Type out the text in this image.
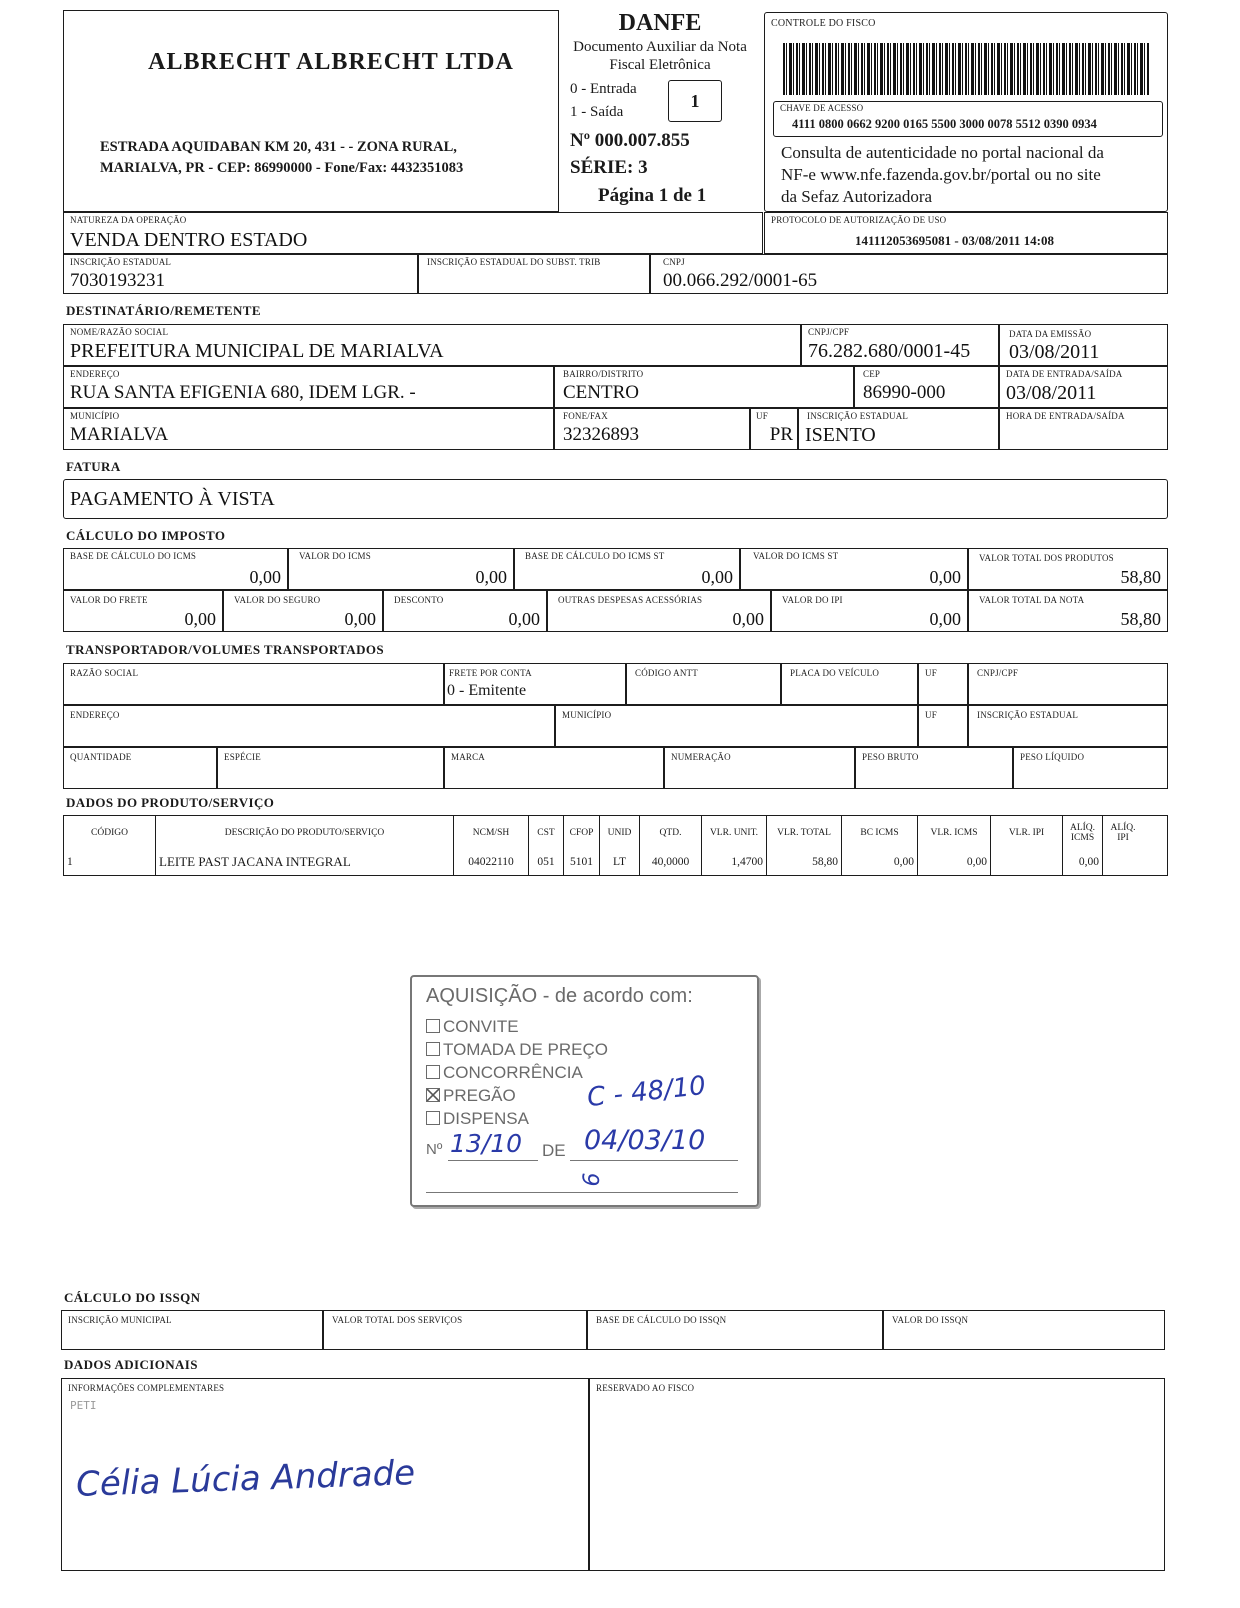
ALBRECHT ALBRECHT LTDA
ESTRADA AQUIDABAN KM 20, 431 - - ZONA RURAL,
MARIALVA, PR - CEP: 86990000 - Fone/Fax: 4432351083
DANFE
Documento Auxiliar da Nota
Fiscal Eletrônica
0 - Entrada
1 - Saída
1
Nº 000.007.855
SÉRIE: 3
Página 1 de 1
CONTROLE DO FISCO
CHAVE DE ACESSO
4111 0800 0662 9200 0165 5500 3000 0078 5512 0390 0934
Consulta de autenticidade no portal nacional da
NF-e www.nfe.fazenda.gov.br/portal ou no site
da Sefaz Autorizadora
NATUREZA DA OPERAÇÃO
VENDA DENTRO ESTADO
PROTOCOLO DE AUTORIZAÇÃO DE USO
141112053695081 - 03/08/2011 14:08
INSCRIÇÃO ESTADUAL
7030193231
INSCRIÇÃO ESTADUAL DO SUBST. TRIB	CNPJ
00.066.292/0001-65
DESTINATÁRIO/REMETENTE
NOME/RAZÃO SOCIAL
PREFEITURA MUNICIPAL DE MARIALVA
CNPJ/CPF
76.282.680/0001-45
DATA DA EMISSÃO
03/08/2011
ENDEREÇO
RUA SANTA EFIGENIA 680, IDEM LGR. -
BAIRRO/DISTRITO
CENTRO
CEP
86990-000
DATA DE ENTRADA/SAÍDA
03/08/2011
MUNICÍPIO
MARIALVA
FONE/FAX
32326893
UF
PR
INSCRIÇÃO ESTADUAL
ISENTO
HORA DE ENTRADA/SAÍDA
FATURA
PAGAMENTO À VISTA
CÁLCULO DO IMPOSTO
BASE DE CÁLCULO DO ICMS
0,00
VALOR DO ICMS
0,00
BASE DE CÁLCULO DO ICMS ST
0,00
VALOR DO ICMS ST
0,00
VALOR TOTAL DOS PRODUTOS
58,80
VALOR DO FRETE
0,00
VALOR DO SEGURO
0,00
DESCONTO
0,00
OUTRAS DESPESAS ACESSÓRIAS
0,00
VALOR DO IPI
0,00
VALOR TOTAL DA NOTA
58,80
TRANSPORTADOR/VOLUMES TRANSPORTADOS
RAZÃO SOCIAL	FRETE POR CONTA
0 - Emitente
CÓDIGO ANTT	PLACA DO VEÍCULO	UF	CNPJ/CPF
ENDEREÇO	MUNICÍPIO	UF	INSCRIÇÃO ESTADUAL
QUANTIDADE	ESPÉCIE	MARCA	NUMERAÇÃO	PESO BRUTO	PESO LÍQUIDO
DADOS DO PRODUTO/SERVIÇO
CÓDIGO	DESCRIÇÃO DO PRODUTO/SERVIÇO	NCM/SH	CST	CFOP	UNID	QTD.	VLR. UNIT.	VLR. TOTAL	BC ICMS	VLR. ICMS	VLR. IPI	ALÍQ. ICMS
ALÍQ. IPI
1	LEITE PAST JACANA INTEGRAL	04022110	051	5101	LT	40,0000	1,4700	58,80	0,00	0,00	0,00
AQUISIÇÃO - de acordo com:
CONVITE
TOMADA DE PREÇO
CONCORRÊNCIA
PREGÃO
DISPENSA
Nº	DE
C - 48/10
13/10 04/03/10
9
CÁLCULO DO ISSQN
INSCRIÇÃO MUNICIPAL	VALOR TOTAL DOS SERVIÇOS	BASE DE CÁLCULO DO ISSQN	VALOR DO ISSQN
DADOS ADICIONAIS
INFORMAÇÕES COMPLEMENTARES
PETI
Célia Lúcia Andrade
RESERVADO AO FISCO
